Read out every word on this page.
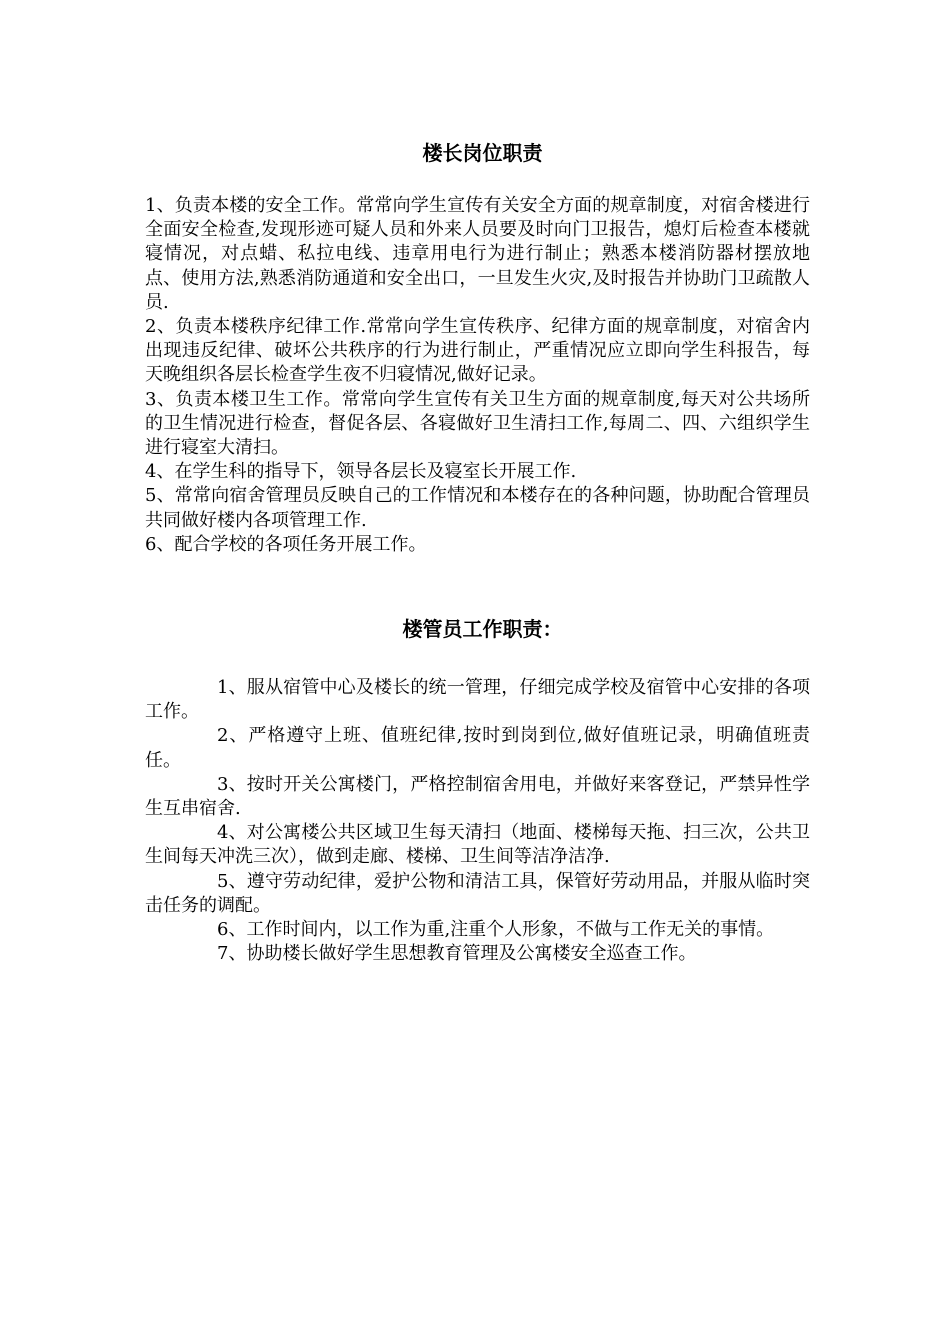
楼长岗位职责

1、负责本楼的安全工作。常常向学生宣传有关安全方面的规章制度，对宿舍楼进行全面安全检查,发现形迹可疑人员和外来人员要及时向门卫报告，熄灯后检查本楼就寝情况，对点蜡、私拉电线、违章用电行为进行制止；熟悉本楼消防器材摆放地点、使用方法,熟悉消防通道和安全出口，一旦发生火灾,及时报告并协助门卫疏散人员.

2、负责本楼秩序纪律工作.常常向学生宣传秩序、纪律方面的规章制度，对宿舍内出现违反纪律、破坏公共秩序的行为进行制止，严重情况应立即向学生科报告，每天晚组织各层长检查学生夜不归寝情况,做好记录。

3、负责本楼卫生工作。常常向学生宣传有关卫生方面的规章制度,每天对公共场所的卫生情况进行检查，督促各层、各寝做好卫生清扫工作,每周二、四、六组织学生进行寝室大清扫。

4、在学生科的指导下，领导各层长及寝室长开展工作.

5、常常向宿舍管理员反映自己的工作情况和本楼存在的各种问题，协助配合管理员共同做好楼内各项管理工作.

6、配合学校的各项任务开展工作。

楼管员工作职责：

1、服从宿管中心及楼长的统一管理，仔细完成学校及宿管中心安排的各项工作。

2、严格遵守上班、值班纪律,按时到岗到位,做好值班记录，明确值班责任。

3、按时开关公寓楼门，严格控制宿舍用电，并做好来客登记，严禁异性学生互串宿舍.

4、对公寓楼公共区域卫生每天清扫（地面、楼梯每天拖、扫三次，公共卫生间每天冲洗三次），做到走廊、楼梯、卫生间等洁净洁净.

5、遵守劳动纪律，爱护公物和清洁工具，保管好劳动用品，并服从临时突击任务的调配。

6、工作时间内，以工作为重,注重个人形象，不做与工作无关的事情。

7、协助楼长做好学生思想教育管理及公寓楼安全巡查工作。
